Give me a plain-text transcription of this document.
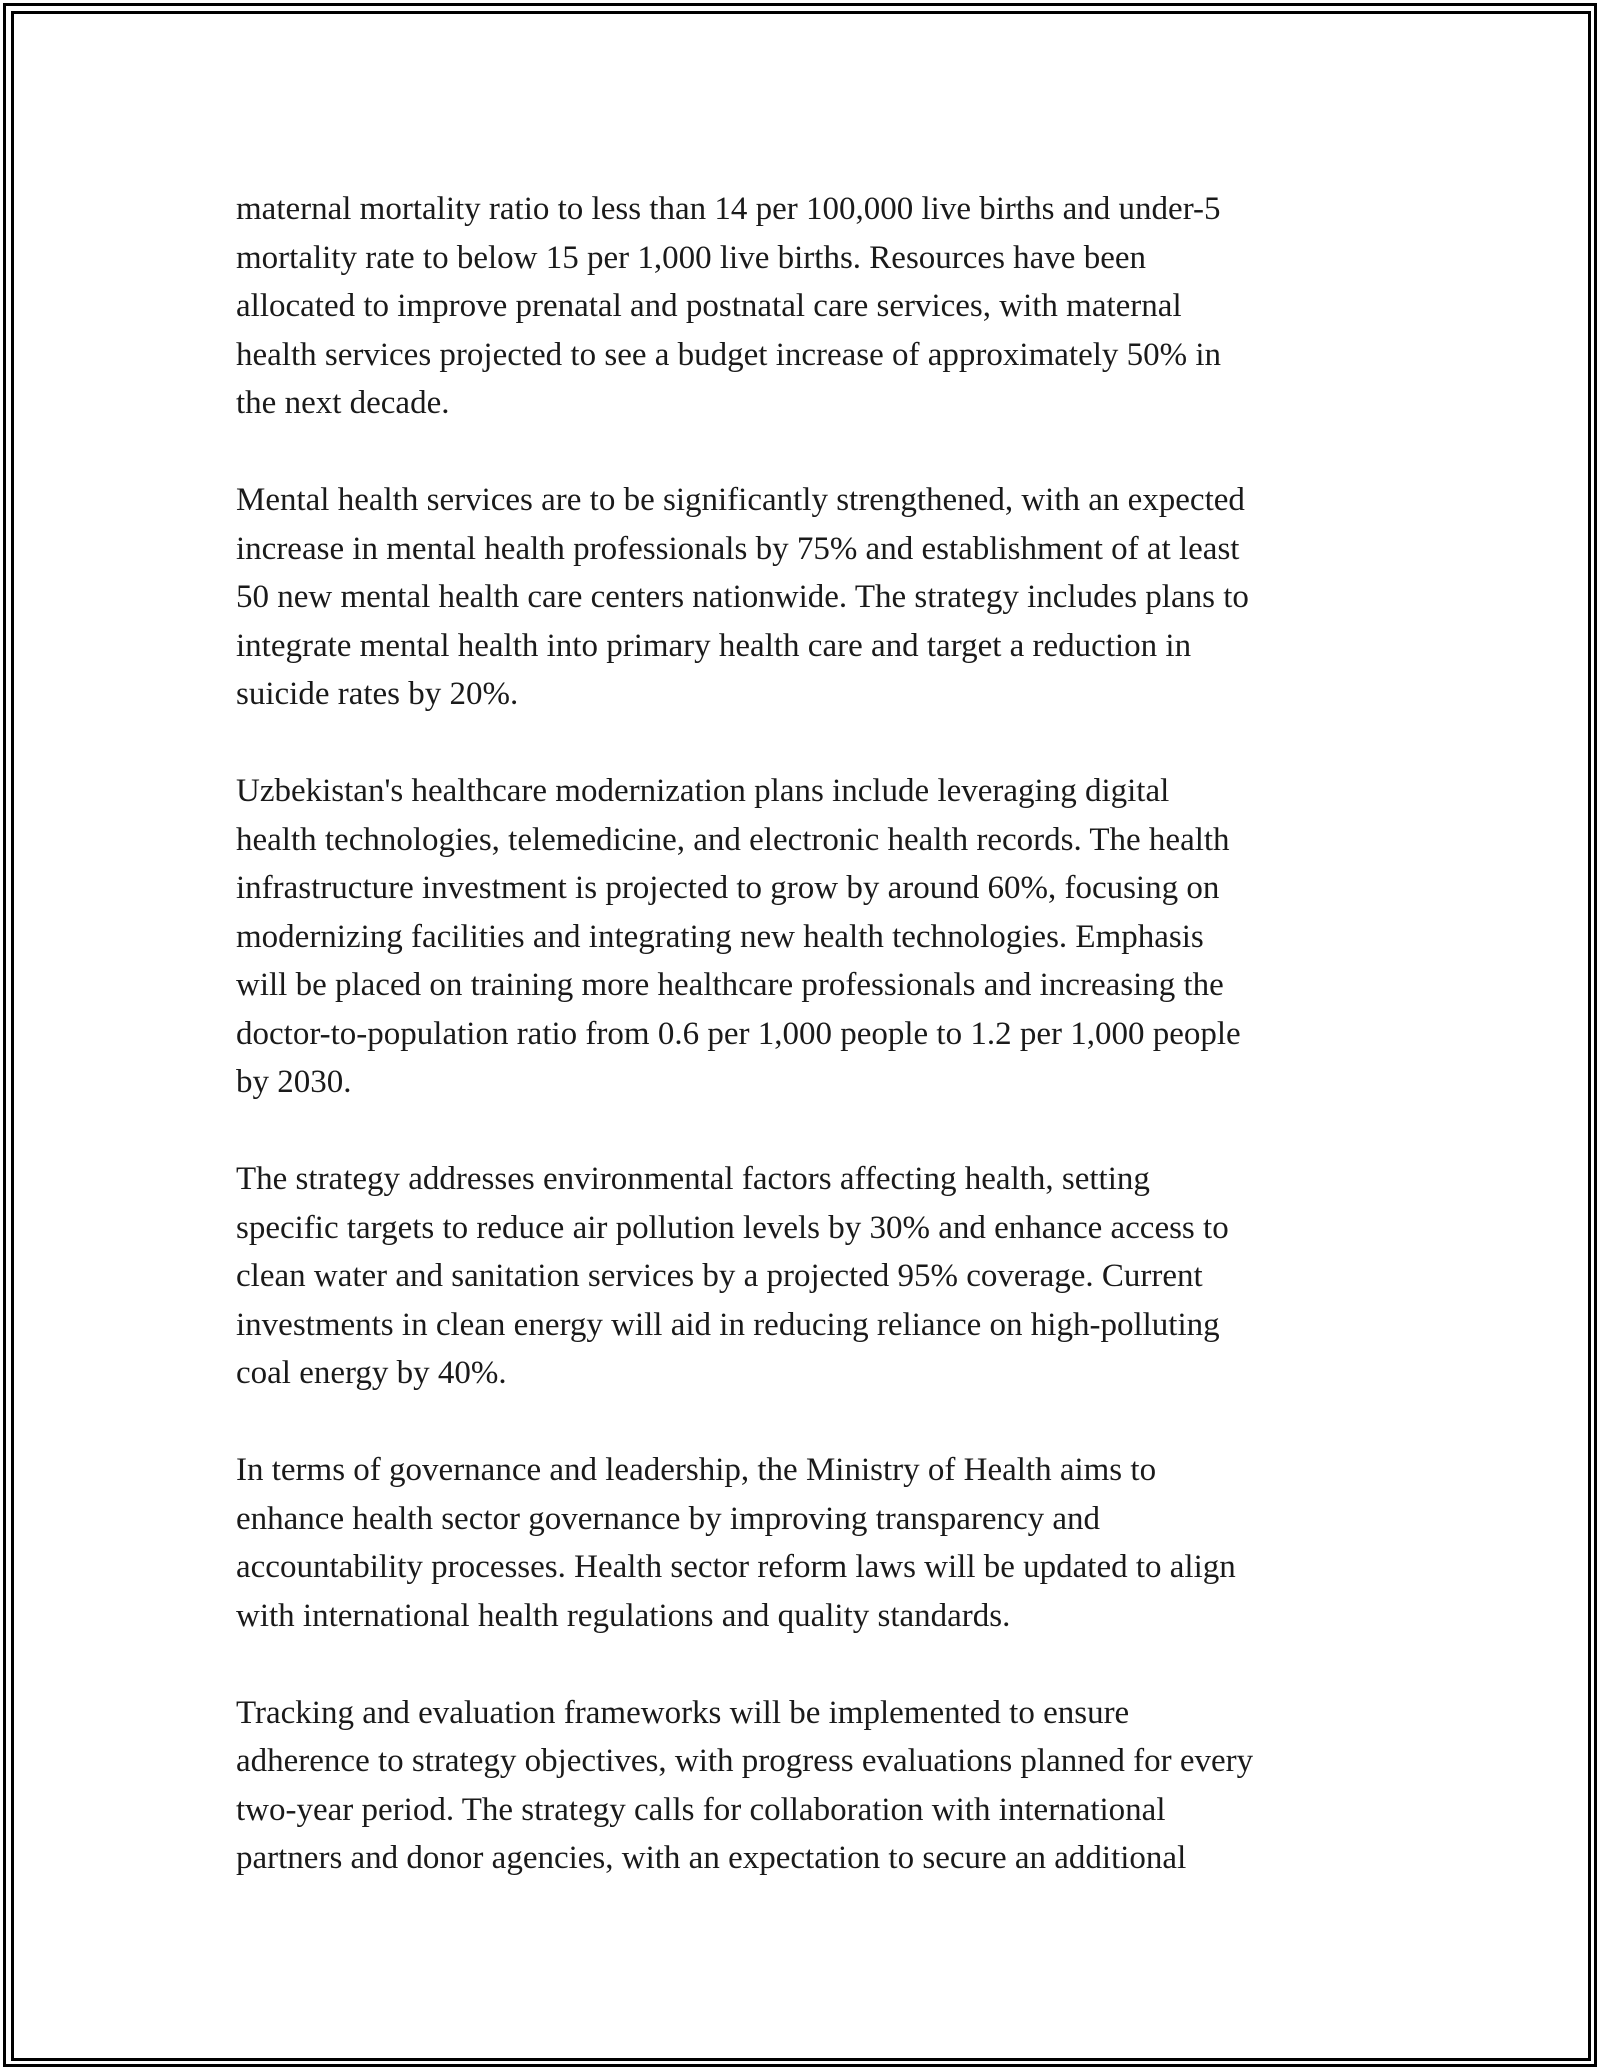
maternal mortality ratio to less than 14 per 100,000 live births and under-5
mortality rate to below 15 per 1,000 live births. Resources have been
allocated to improve prenatal and postnatal care services, with maternal
health services projected to see a budget increase of approximately 50% in
the next decade.

Mental health services are to be significantly strengthened, with an expected
increase in mental health professionals by 75% and establishment of at least
50 new mental health care centers nationwide. The strategy includes plans to
integrate mental health into primary health care and target a reduction in
suicide rates by 20%.

Uzbekistan's healthcare modernization plans include leveraging digital
health technologies, telemedicine, and electronic health records. The health
infrastructure investment is projected to grow by around 60%, focusing on
modernizing facilities and integrating new health technologies. Emphasis
will be placed on training more healthcare professionals and increasing the
doctor-to-population ratio from 0.6 per 1,000 people to 1.2 per 1,000 people
by 2030.

The strategy addresses environmental factors affecting health, setting
specific targets to reduce air pollution levels by 30% and enhance access to
clean water and sanitation services by a projected 95% coverage. Current
investments in clean energy will aid in reducing reliance on high-polluting
coal energy by 40%.

In terms of governance and leadership, the Ministry of Health aims to
enhance health sector governance by improving transparency and
accountability processes. Health sector reform laws will be updated to align
with international health regulations and quality standards.

Tracking and evaluation frameworks will be implemented to ensure
adherence to strategy objectives, with progress evaluations planned for every
two-year period. The strategy calls for collaboration with international
partners and donor agencies, with an expectation to secure an additional
